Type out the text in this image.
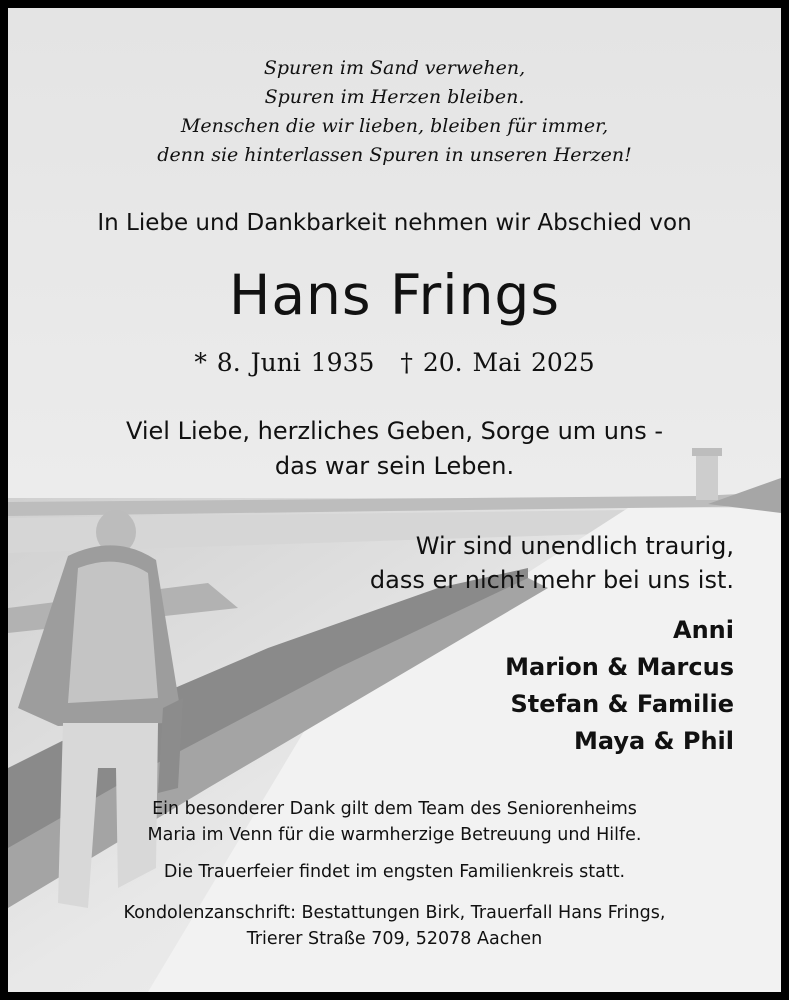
Spuren im Sand verwehen,
Spuren im Herzen bleiben.
Menschen die wir lieben, bleiben für immer,
denn sie hinterlassen Spuren in unseren Herzen!
In Liebe und Dankbarkeit nehmen wir Abschied von
Hans Frings
* 8. Juni 1935 † 20. Mai 2025
Viel Liebe, herzliches Geben, Sorge um uns -
das war sein Leben.
Wir sind unendlich traurig,
dass er nicht mehr bei uns ist.
Anni
Marion & Marcus
Stefan & Familie
Maya & Phil
Ein besonderer Dank gilt dem Team des Seniorenheims
Maria im Venn für die warmherzige Betreuung und Hilfe.
Die Trauerfeier findet im engsten Familienkreis statt.
Kondolenzanschrift: Bestattungen Birk, Trauerfall Hans Frings,
Trierer Straße 709, 52078 Aachen
